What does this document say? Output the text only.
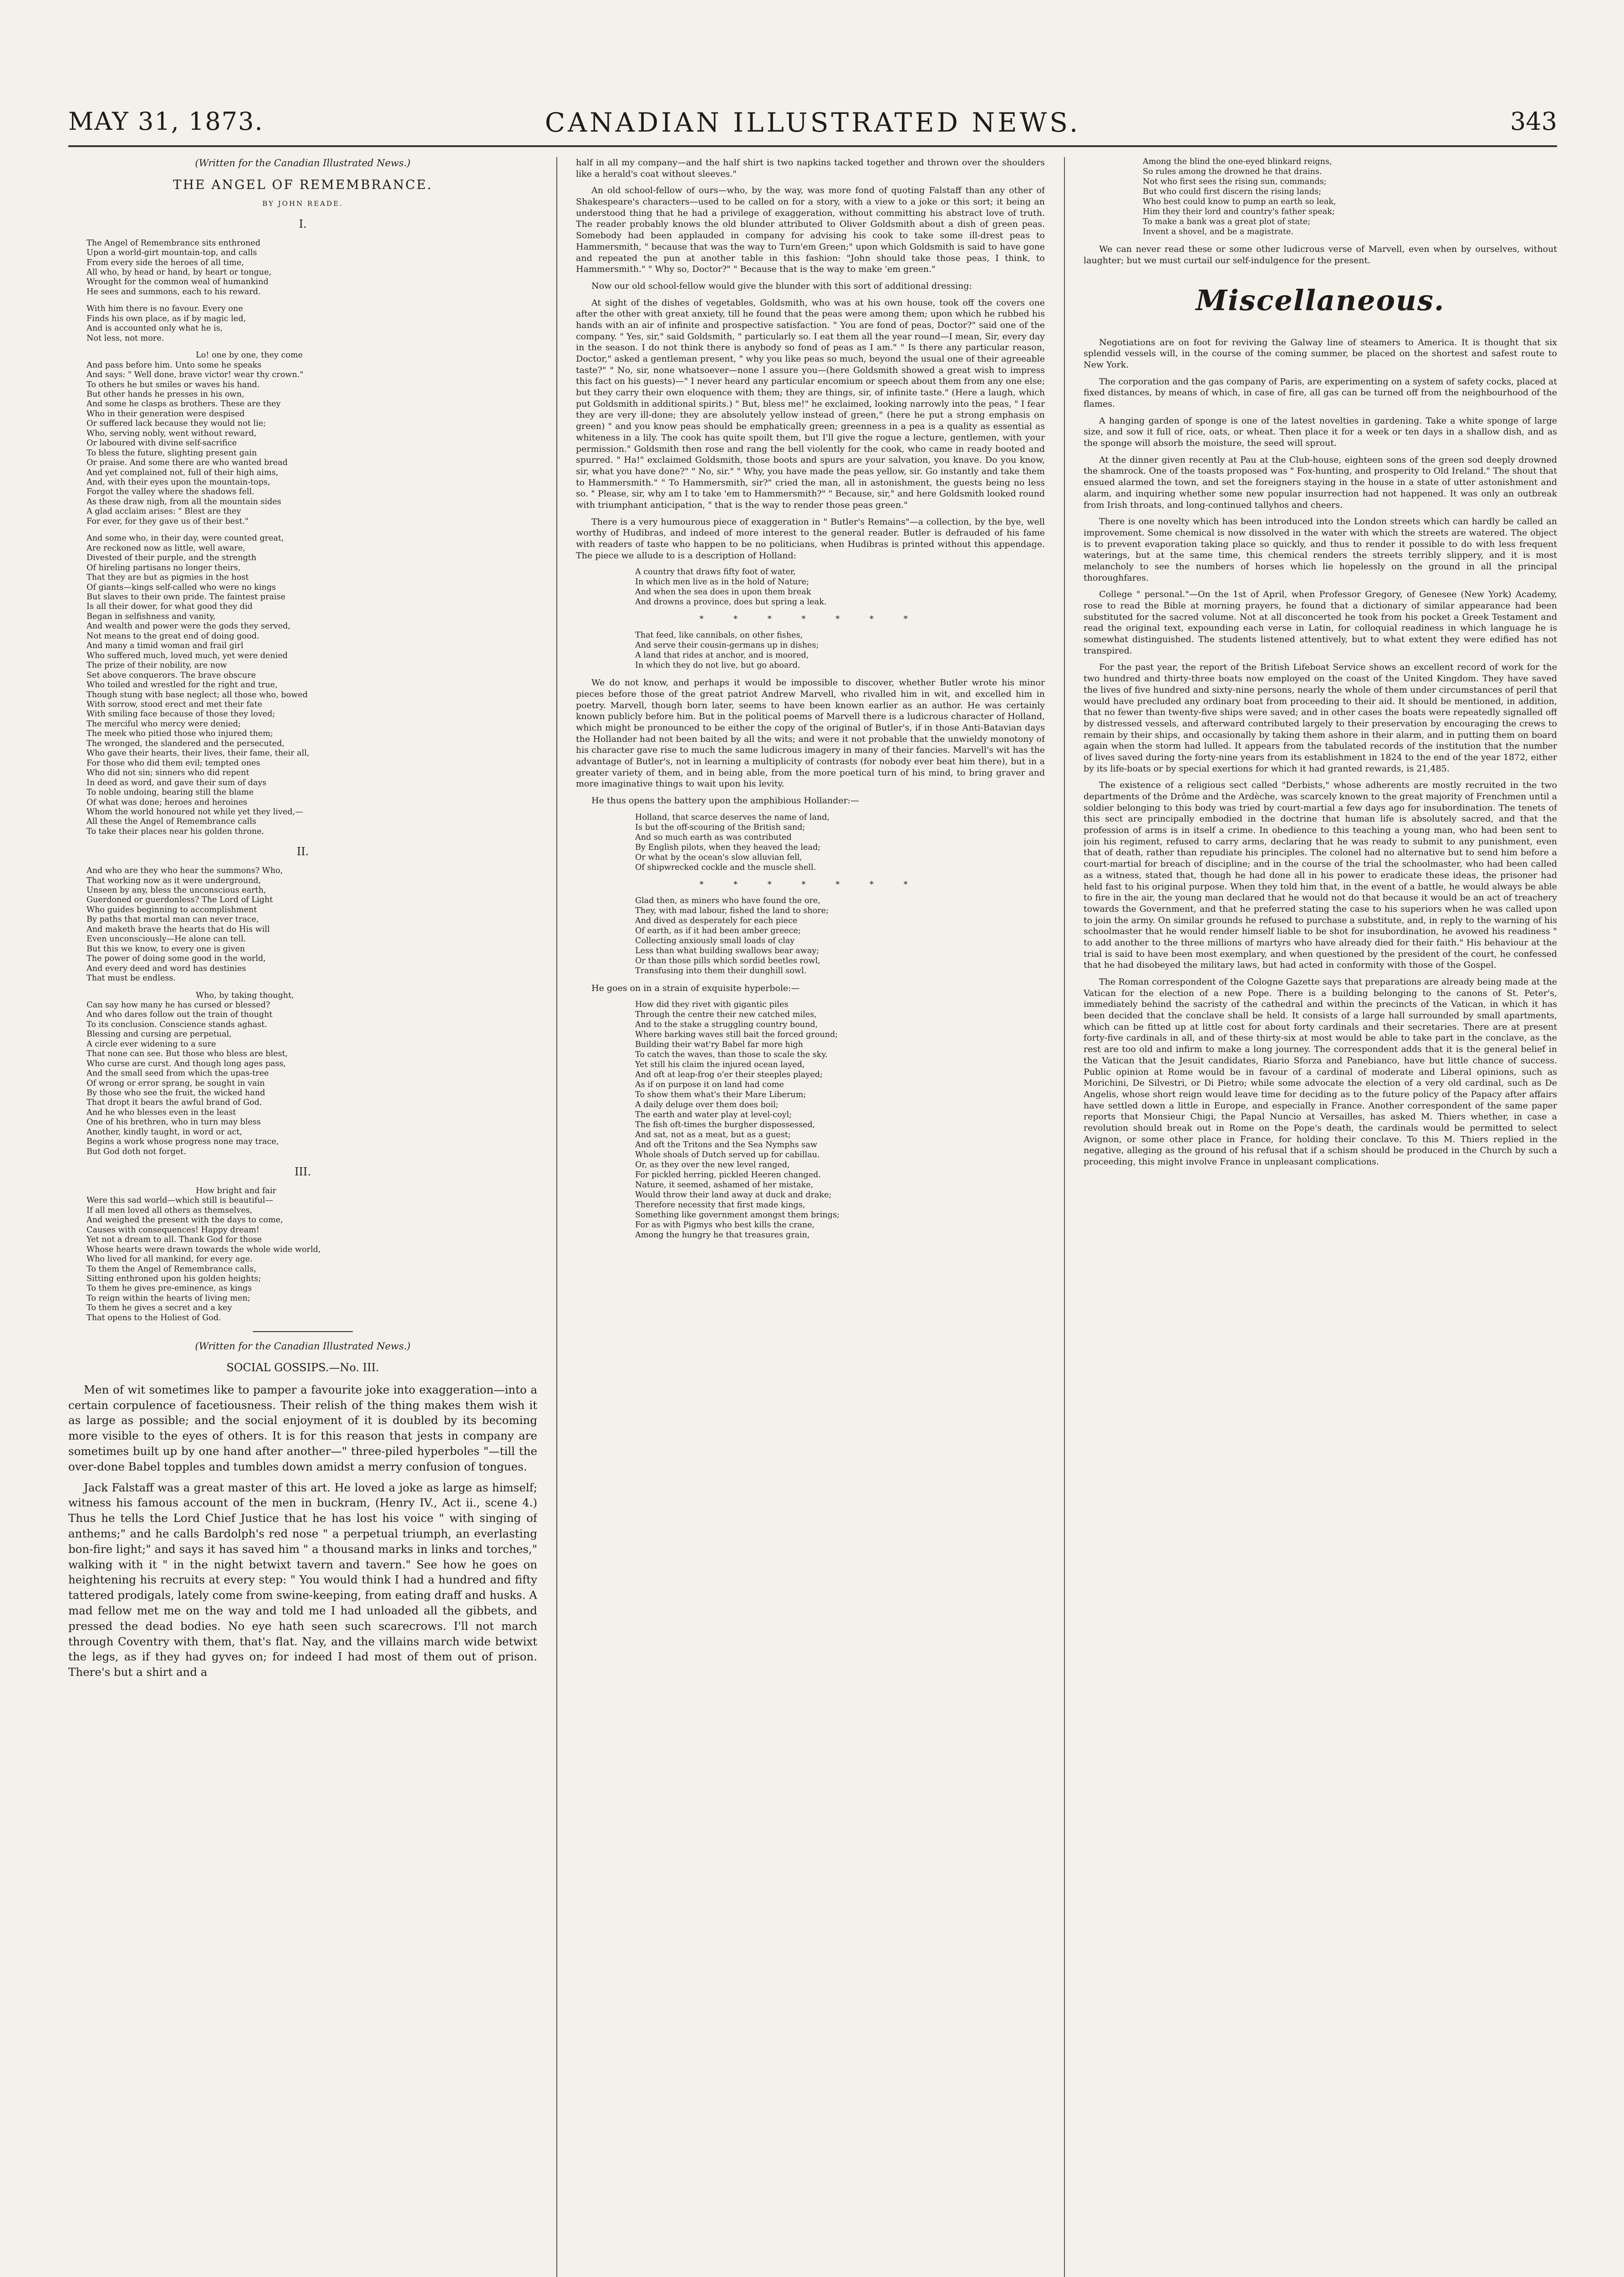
CANADIAN ILLUSTRATED NEWS.
MAY 31, 1873.	343
(Written for the Canadian Illustrated News.)
THE ANGEL OF REMEMBRANCE.
BY JOHN READE.
I.

The Angel of Remembrance sits enthroned

Upon a world-girt mountain-top, and calls

From every side the heroes of all time,

All who, by head or hand, by heart or tongue,

Wrought for the common weal of humankind

He sees and summons, each to his reward.

With him there is no favour. Every one

Finds his own place, as if by magic led,

And is accounted only what he is,

Not less, not more.

Lo! one by one, they come

And pass before him. Unto some he speaks

And says: " Well done, brave victor! wear thy crown."

To others he but smiles or waves his hand.

But other hands he presses in his own,

And some he clasps as brothers. These are they

Who in their generation were despised

Or suffered lack because they would not lie;

Who, serving nobly, went without reward,

Or laboured with divine self-sacrifice

To bless the future, slighting present gain

Or praise. And some there are who wanted bread

And yet complained not, full of their high aims,

And, with their eyes upon the mountain-tops,

Forgot the valley where the shadows fell.

As these draw nigh, from all the mountain sides

A glad acclaim arises: " Blest are they

For ever, for they gave us of their best."

And some who, in their day, were counted great,

Are reckoned now as little, well aware,

Divested of their purple, and the strength

Of hireling partisans no longer theirs,

That they are but as pigmies in the host

Of giants—kings self-called who were no kings

But slaves to their own pride. The faintest praise

Is all their dower, for what good they did

Began in selfishness and vanity,

And wealth and power were the gods they served,

Not means to the great end of doing good.

And many a timid woman and frail girl

Who suffered much, loved much, yet were denied

The prize of their nobility, are now

Set above conquerors. The brave obscure

Who toiled and wrestled for the right and true,

Though stung with base neglect; all those who, bowed

With sorrow, stood erect and met their fate

With smiling face because of those they loved;

The merciful who mercy were denied;

The meek who pitied those who injured them;

The wronged, the slandered and the persecuted,

Who gave their hearts, their lives, their fame, their all,

For those who did them evil; tempted ones

Who did not sin; sinners who did repent

In deed as word, and gave their sum of days

To noble undoing, bearing still the blame

Of what was done; heroes and heroines

Whom the world honoured not while yet they lived,—

All these the Angel of Remembrance calls

To take their places near his golden throne.

II.

And who are they who hear the summons? Who,

That working now as it were underground,

Unseen by any, bless the unconscious earth,

Guerdoned or guerdonless? The Lord of Light

Who guides beginning to accomplishment

By paths that mortal man can never trace,

And maketh brave the hearts that do His will

Even unconsciously—He alone can tell.

But this we know, to every one is given

The power of doing some good in the world,

And every deed and word has destinies

That must be endless.

Who, by taking thought,

Can say how many he has cursed or blessed?

And who dares follow out the train of thought

To its conclusion. Conscience stands aghast.

Blessing and cursing are perpetual,

A circle ever widening to a sure

That none can see. But those who bless are blest,

Who curse are curst. And though long ages pass,

And the small seed from which the upas-tree

Of wrong or error sprang, be sought in vain

By those who see the fruit, the wicked hand

That dropt it bears the awful brand of God.

And he who blesses even in the least

One of his brethren, who in turn may bless

Another, kindly taught, in word or act,

Begins a work whose progress none may trace,

But God doth not forget.

III.

How bright and fair

Were this sad world—which still is beautiful—

If all men loved all others as themselves,

And weighed the present with the days to come,

Causes with consequences! Happy dream!

Yet not a dream to all. Thank God for those

Whose hearts were drawn towards the whole wide world,

Who lived for all mankind, for every age.

To them the Angel of Remembrance calls,

Sitting enthroned upon his golden heights;

To them he gives pre-eminence, as kings

To reign within the hearts of living men;

To them he gives a secret and a key

That opens to the Holiest of God.

(Written for the Canadian Illustrated News.)
SOCIAL GOSSIPS.—No. III.

Men of wit sometimes like to pamper a favourite joke into exaggeration—into a certain corpulence of facetiousness. Their relish of the thing makes them wish it as large as possible; and the social enjoyment of it is doubled by its becoming more visible to the eyes of others. It is for this reason that jests in company are sometimes built up by one hand after another—" three-piled hyperboles "—till the over-done Babel topples and tumbles down amidst a merry confusion of tongues.

Jack Falstaff was a great master of this art. He loved a joke as large as himself; witness his famous account of the men in buckram, (Henry IV., Act ii., scene 4.) Thus he tells the Lord Chief Justice that he has lost his voice " with singing of anthems;" and he calls Bardolph's red nose " a perpetual triumph, an everlasting bon-fire light;" and says it has saved him " a thousand marks in links and torches," walking with it " in the night betwixt tavern and tavern." See how he goes on heightening his recruits at every step: " You would think I had a hundred and fifty tattered prodigals, lately come from swine-keeping, from eating draff and husks. A mad fellow met me on the way and told me I had unloaded all the gibbets, and pressed the dead bodies. No eye hath seen such scarecrows. I'll not march through Coventry with them, that's flat. Nay, and the villains march wide betwixt the legs, as if they had gyves on; for indeed I had most of them out of prison. There's but a shirt and a

half in all my company—and the half shirt is two napkins tacked together and thrown over the shoulders like a herald's coat without sleeves."

An old school-fellow of ours—who, by the way, was more fond of quoting Falstaff than any other of Shakespeare's characters—used to be called on for a story, with a view to a joke or this sort; it being an understood thing that he had a privilege of exaggeration, without committing his abstract love of truth. The reader probably knows the old blunder attributed to Oliver Goldsmith about a dish of green peas. Somebody had been applauded in company for advising his cook to take some ill-drest peas to Hammersmith, " because that was the way to Turn'em Green;" upon which Goldsmith is said to have gone and repeated the pun at another table in this fashion: "John should take those peas, I think, to Hammersmith." " Why so, Doctor?" " Because that is the way to make 'em green."

Now our old school-fellow would give the blunder with this sort of additional dressing:

At sight of the dishes of vegetables, Goldsmith, who was at his own house, took off the covers one after the other with great anxiety, till he found that the peas were among them; upon which he rubbed his hands with an air of infinite and prospective satisfaction. " You are fond of peas, Doctor?" said one of the company. " Yes, sir," said Goldsmith, " particularly so. I eat them all the year round—I mean, Sir, every day in the season. I do not think there is anybody so fond of peas as I am." " Is there any particular reason, Doctor," asked a gentleman present, " why you like peas so much, beyond the usual one of their agreeable taste?" " No, sir, none whatsoever—none I assure you—(here Goldsmith showed a great wish to impress this fact on his guests)—" I never heard any particular encomium or speech about them from any one else; but they carry their own eloquence with them; they are things, sir, of infinite taste." (Here a laugh, which put Goldsmith in additional spirits.) " But, bless me!" he exclaimed, looking narrowly into the peas, " I fear they are very ill-done; they are absolutely yellow instead of green," (here he put a strong emphasis on green) " and you know peas should be emphatically green; greenness in a pea is a quality as essential as whiteness in a lily. The cook has quite spoilt them, but I'll give the rogue a lecture, gentlemen, with your permission." Goldsmith then rose and rang the bell violently for the cook, who came in ready booted and spurred. " Ha!" exclaimed Goldsmith, those boots and spurs are your salvation, you knave. Do you know, sir, what you have done?" " No, sir." " Why, you have made the peas yellow, sir. Go instantly and take them to Hammersmith." " To Hammersmith, sir?" cried the man, all in astonishment, the guests being no less so. " Please, sir, why am I to take 'em to Hammersmith?" " Because, sir," and here Goldsmith looked round with triumphant anticipation, " that is the way to render those peas green."

There is a very humourous piece of exaggeration in " Butler's Remains"—a collection, by the bye, well worthy of Hudibras, and indeed of more interest to the general reader. Butler is defrauded of his fame with readers of taste who happen to be no politicians, when Hudibras is printed without this appendage. The piece we allude to is a description of Holland:

A country that draws fifty foot of water,

In which men live as in the hold of Nature;

And when the sea does in upon them break

And drowns a province, does but spring a leak.

* * * * * * *

That feed, like cannibals, on other fishes,

And serve their cousin-germans up in dishes;

A land that rides at anchor, and is moored,

In which they do not live, but go aboard.

We do not know, and perhaps it would be impossible to discover, whether Butler wrote his minor pieces before those of the great patriot Andrew Marvell, who rivalled him in wit, and excelled him in poetry. Marvell, though born later, seems to have been known earlier as an author. He was certainly known publicly before him. But in the political poems of Marvell there is a ludicrous character of Holland, which might be pronounced to be either the copy of the original of Butler's, if in those Anti-Batavian days the Hollander had not been baited by all the wits; and were it not probable that the unwieldy monotony of his character gave rise to much the same ludicrous imagery in many of their fancies. Marvell's wit has the advantage of Butler's, not in learning a multiplicity of contrasts (for nobody ever beat him there), but in a greater variety of them, and in being able, from the more poetical turn of his mind, to bring graver and more imaginative things to wait upon his levity.

He thus opens the battery upon the amphibious Hollander:—

Holland, that scarce deserves the name of land,

Is but the off-scouring of the British sand;

And so much earth as was contributed

By English pilots, when they heaved the lead;

Or what by the ocean's slow alluvian fell,

Of shipwrecked cockle and the muscle shell.

* * * * * * *

Glad then, as miners who have found the ore,

They, with mad labour, fished the land to shore;

And dived as desperately for each piece

Of earth, as if it had been amber greece;

Collecting anxiously small loads of clay

Less than what building swallows bear away;

Or than those pills which sordid beetles rowl,

Transfusing into them their dunghill sowl.

He goes on in a strain of exquisite hyperbole:—

How did they rivet with gigantic piles

Through the centre their new catched miles,

And to the stake a struggling country bound,

Where barking waves still bait the forced ground;

Building their wat'ry Babel far more high

To catch the waves, than those to scale the sky.

Yet still his claim the injured ocean layed,

And oft at leap-frog o'er their steeples played;

As if on purpose it on land had come

To show them what's their Mare Liberum;

A daily deluge over them does boil;

The earth and water play at level-coyl;

The fish oft-times the burgher dispossessed,

And sat, not as a meat, but as a guest;

And oft the Tritons and the Sea Nymphs saw

Whole shoals of Dutch served up for cabillau.

Or, as they over the new level ranged,

For pickled herring, pickled Heeren changed.

Nature, it seemed, ashamed of her mistake,

Would throw their land away at duck and drake;

Therefore necessity that first made kings,

Something like government amongst them brings;

For as with Pigmys who best kills the crane,

Among the hungry he that treasures grain,

Among the blind the one-eyed blinkard reigns,

So rules among the drowned he that drains.

Not who first sees the rising sun, commands;

But who could first discern the rising lands;

Who best could know to pump an earth so leak,

Him they their lord and country's father speak;

To make a bank was a great plot of state;

Invent a shovel, and be a magistrate.

We can never read these or some other ludicrous verse of Marvell, even when by ourselves, without laughter; but we must curtail our self-indulgence for the present.

Miscellaneous.

Negotiations are on foot for reviving the Galway line of steamers to America. It is thought that six splendid vessels will, in the course of the coming summer, be placed on the shortest and safest route to New York.

The corporation and the gas company of Paris, are experimenting on a system of safety cocks, placed at fixed distances, by means of which, in case of fire, all gas can be turned off from the neighbourhood of the flames.

A hanging garden of sponge is one of the latest novelties in gardening. Take a white sponge of large size, and sow it full of rice, oats, or wheat. Then place it for a week or ten days in a shallow dish, and as the sponge will absorb the moisture, the seed will sprout.

At the dinner given recently at Pau at the Club-house, eighteen sons of the green sod deeply drowned the shamrock. One of the toasts proposed was " Fox-hunting, and prosperity to Old Ireland." The shout that ensued alarmed the town, and set the foreigners staying in the house in a state of utter astonishment and alarm, and inquiring whether some new popular insurrection had not happened. It was only an outbreak from Irish throats, and long-continued tallyhos and cheers.

There is one novelty which has been introduced into the London streets which can hardly be called an improvement. Some chemical is now dissolved in the water with which the streets are watered. The object is to prevent evaporation taking place so quickly, and thus to render it possible to do with less frequent waterings, but at the same time, this chemical renders the streets terribly slippery, and it is most melancholy to see the numbers of horses which lie hopelessly on the ground in all the principal thoroughfares.

College " personal."—On the 1st of April, when Professor Gregory, of Genesee (New York) Academy, rose to read the Bible at morning prayers, he found that a dictionary of similar appearance had been substituted for the sacred volume. Not at all disconcerted he took from his pocket a Greek Testament and read the original text, expounding each verse in Latin, for colloquial readiness in which language he is somewhat distinguished. The students listened attentively, but to what extent they were edified has not transpired.

For the past year, the report of the British Lifeboat Service shows an excellent record of work for the two hundred and thirty-three boats now employed on the coast of the United Kingdom. They have saved the lives of five hundred and sixty-nine persons, nearly the whole of them under circumstances of peril that would have precluded any ordinary boat from proceeding to their aid. It should be mentioned, in addition, that no fewer than twenty-five ships were saved; and in other cases the boats were repeatedly signalled off by distressed vessels, and afterward contributed largely to their preservation by encouraging the crews to remain by their ships, and occasionally by taking them ashore in their alarm, and in putting them on board again when the storm had lulled. It appears from the tabulated records of the institution that the number of lives saved during the forty-nine years from its establishment in 1824 to the end of the year 1872, either by its life-boats or by special exertions for which it had granted rewards, is 21,485.

The existence of a religious sect called "Derbists," whose adherents are mostly recruited in the two departments of the Drôme and the Ardèche, was scarcely known to the great majority of Frenchmen until a soldier belonging to this body was tried by court-martial a few days ago for insubordination. The tenets of this sect are principally embodied in the doctrine that human life is absolutely sacred, and that the profession of arms is in itself a crime. In obedience to this teaching a young man, who had been sent to join his regiment, refused to carry arms, declaring that he was ready to submit to any punishment, even that of death, rather than repudiate his principles. The colonel had no alternative but to send him before a court-martial for breach of discipline; and in the course of the trial the schoolmaster, who had been called as a witness, stated that, though he had done all in his power to eradicate these ideas, the prisoner had held fast to his original purpose. When they told him that, in the event of a battle, he would always be able to fire in the air, the young man declared that he would not do that because it would be an act of treachery towards the Government, and that he preferred stating the case to his superiors when he was called upon to join the army. On similar grounds he refused to purchase a substitute, and, in reply to the warning of his schoolmaster that he would render himself liable to be shot for insubordination, he avowed his readiness " to add another to the three millions of martyrs who have already died for their faith." His behaviour at the trial is said to have been most exemplary, and when questioned by the president of the court, he confessed that he had disobeyed the military laws, but had acted in conformity with those of the Gospel.

The Roman correspondent of the Cologne Gazette says that preparations are already being made at the Vatican for the election of a new Pope. There is a building belonging to the canons of St. Peter's, immediately behind the sacristy of the cathedral and within the precincts of the Vatican, in which it has been decided that the conclave shall be held. It consists of a large hall surrounded by small apartments, which can be fitted up at little cost for about forty cardinals and their secretaries. There are at present forty-five cardinals in all, and of these thirty-six at most would be able to take part in the conclave, as the rest are too old and infirm to make a long journey. The correspondent adds that it is the general belief in the Vatican that the Jesuit candidates, Riario Sforza and Panebianco, have but little chance of success. Public opinion at Rome would be in favour of a cardinal of moderate and Liberal opinions, such as Morichini, De Silvestri, or Di Pietro; while some advocate the election of a very old cardinal, such as De Angelis, whose short reign would leave time for deciding as to the future policy of the Papacy after affairs have settled down a little in Europe, and especially in France. Another correspondent of the same paper reports that Monsieur Chigi, the Papal Nuncio at Versailles, has asked M. Thiers whether, in case a revolution should break out in Rome on the Pope's death, the cardinals would be permitted to select Avignon, or some other place in France, for holding their conclave. To this M. Thiers replied in the negative, alleging as the ground of his refusal that if a schism should be produced in the Church by such a proceeding, this might involve France in unpleasant complications.
